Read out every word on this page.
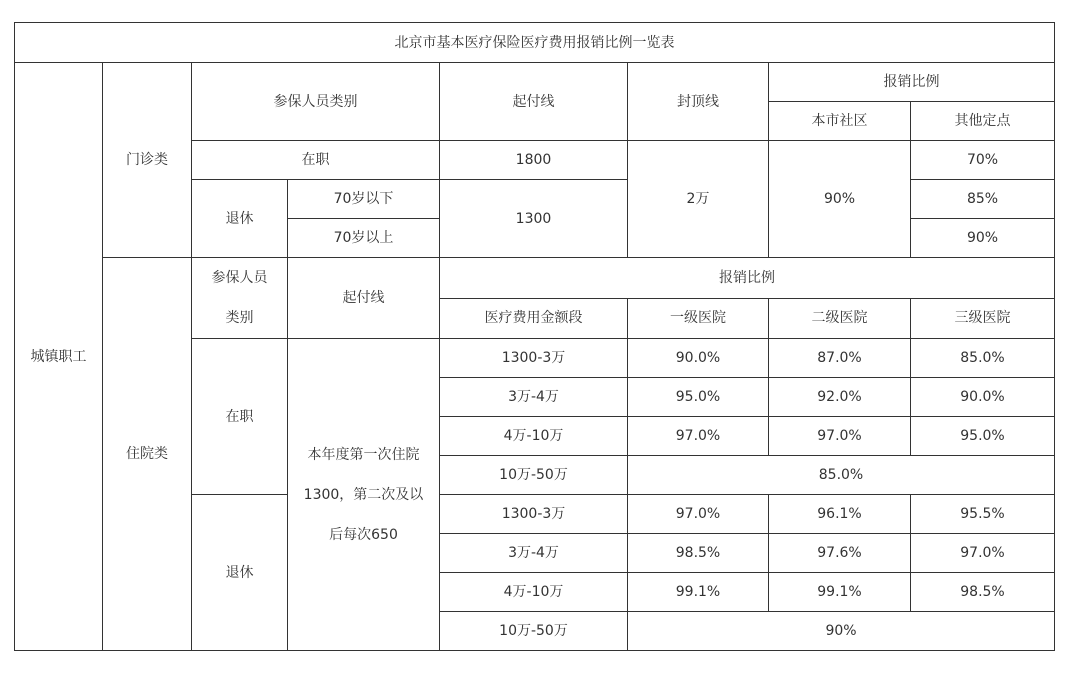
北京市基本医疗保险医疗费用报销比例一览表							
城镇职工	门诊类	参保人员类别		起付线	封顶线	报销比例	
						本市社区	其他定点
		在职		1800	2万	90%	70%
		退休	70岁以下	1300			85%
			70岁以上				90%
	住院类	参保人员
类别	起付线	报销比例			
				医疗费用金额段	一级医院	二级医院	三级医院
		在职	本年度第一次住院
1300，第二次及以
后每次650	1300-3万	90.0%	87.0%	85.0%
				3万-4万	95.0%	92.0%	90.0%
				4万-10万	97.0%	97.0%	95.0%
				10万-50万	85.0%		
		退休		1300-3万	97.0%	96.1%	95.5%
				3万-4万	98.5%	97.6%	97.0%
				4万-10万	99.1%	99.1%	98.5%
				10万-50万	90%		
